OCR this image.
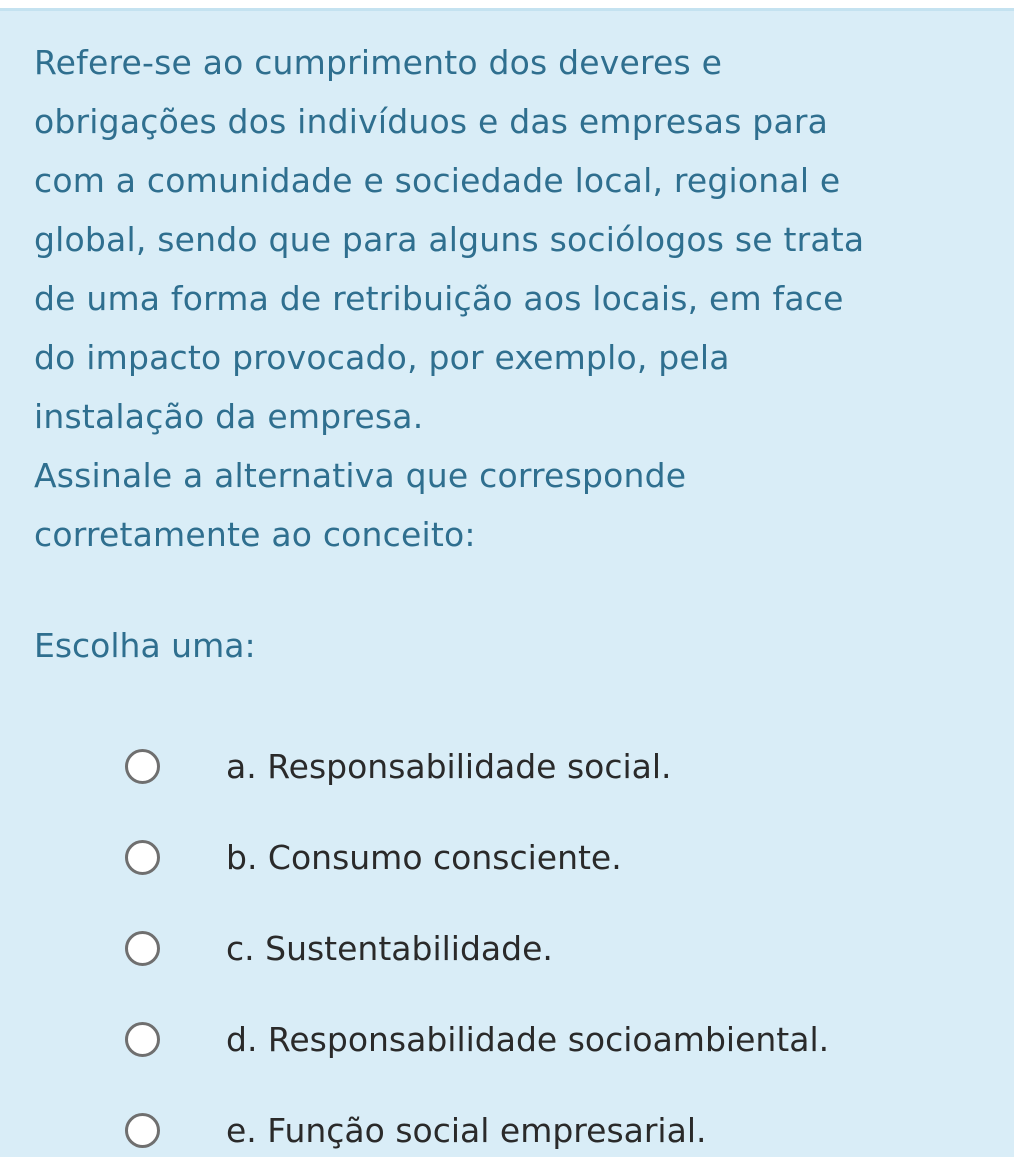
Refere-se ao cumprimento dos deveres e
obrigações dos indivíduos e das empresas para
com a comunidade e sociedade local, regional e
global, sendo que para alguns sociólogos se trata
de uma forma de retribuição aos locais, em face
do impacto provocado, por exemplo, pela
instalação da empresa.
Assinale a alternativa que corresponde
corretamente ao conceito:

Escolha uma:

a. Responsabilidade social.
b. Consumo consciente.
c. Sustentabilidade.
d. Responsabilidade socioambiental.
e. Função social empresarial.
